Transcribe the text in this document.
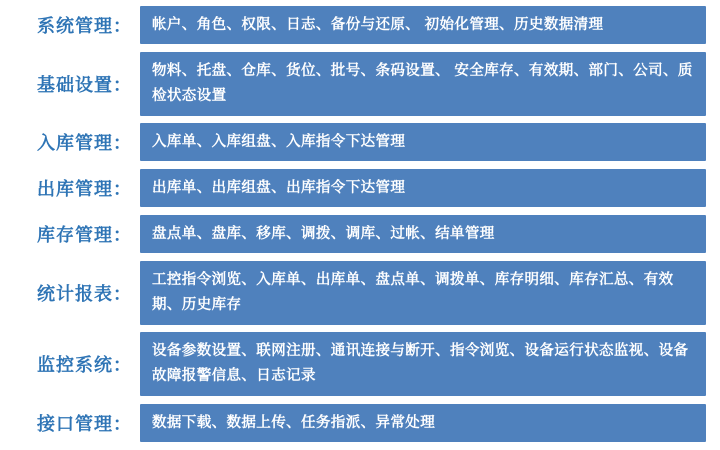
系统管理：	帐户、角色、权限、日志、备份与还原、 初始化管理、历史数据清理
基础设置：
物料、托盘、仓库、货位、批号、条码设置、 安全库存、有效期、部门、公司、质检状态设置
入库管理：	入库单、入库组盘、入库指令下达管理
出库管理：	出库单、出库组盘、出库指令下达管理
库存管理：	盘点单、盘库、移库、调拨、调库、过帐、结单管理
统计报表：
工控指令浏览、入库单、出库单、盘点单、调拨单、库存明细、库存汇总、有效期、历史库存
监控系统：
设备参数设置、联网注册、通讯连接与断开、指令浏览、设备运行状态监视、设备故障报警信息、日志记录
接口管理：	数据下载、数据上传、任务指派、异常处理
